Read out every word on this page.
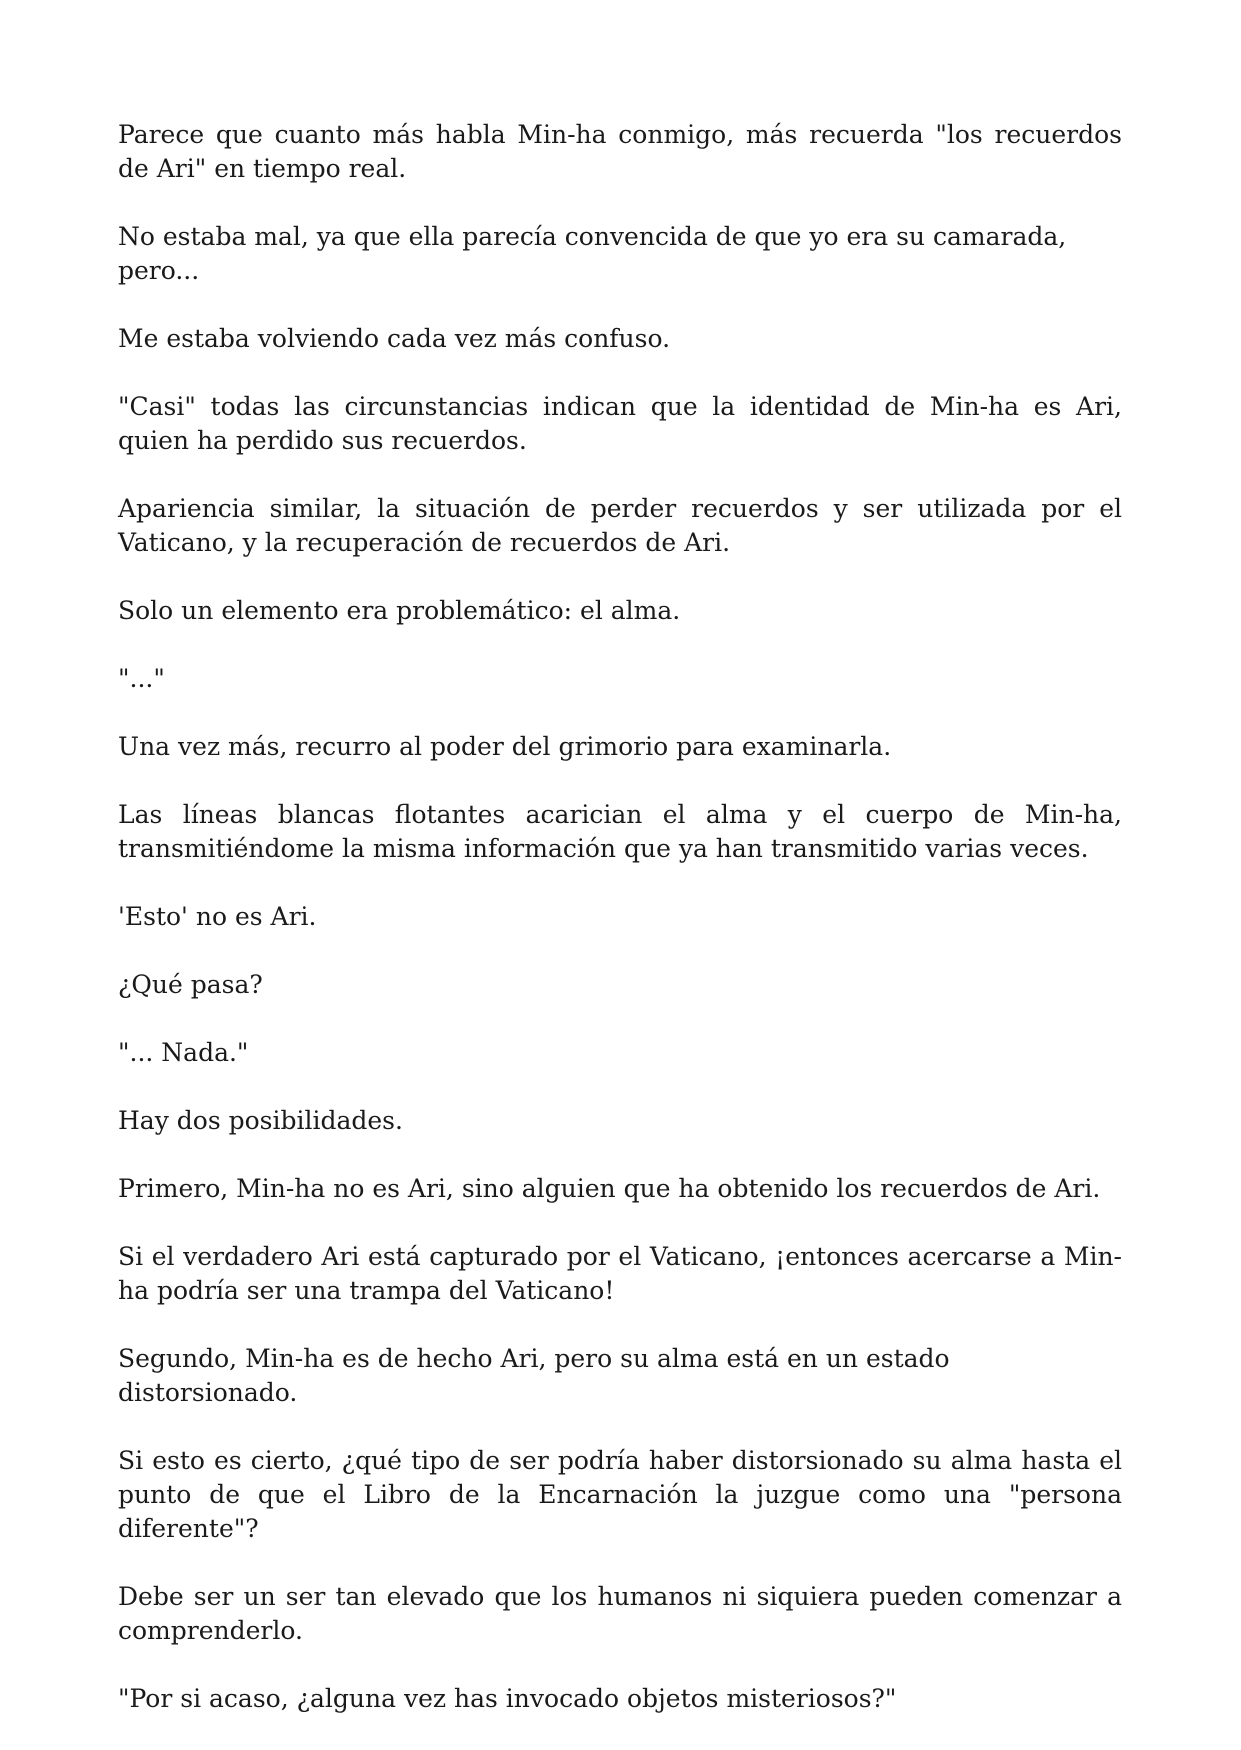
Parece que cuanto más habla Min-ha conmigo, más recuerda "los recuerdos de Ari" en tiempo real.

No estaba mal, ya que ella parecía convencida de que yo era su camarada, pero...

Me estaba volviendo cada vez más confuso.

"Casi" todas las circunstancias indican que la identidad de Min-ha es Ari, quien ha perdido sus recuerdos.

Apariencia similar, la situación de perder recuerdos y ser utilizada por el Vaticano, y la recuperación de recuerdos de Ari.

Solo un elemento era problemático: el alma.

"..."

Una vez más, recurro al poder del grimorio para examinarla.

Las líneas blancas flotantes acarician el alma y el cuerpo de Min-ha, transmitiéndome la misma información que ya han transmitido varias veces.

'Esto' no es Ari.

¿Qué pasa?

"... Nada."

Hay dos posibilidades.

Primero, Min-ha no es Ari, sino alguien que ha obtenido los recuerdos de Ari.

Si el verdadero Ari está capturado por el Vaticano, ¡entonces acercarse a Min-ha podría ser una trampa del Vaticano!

Segundo, Min-ha es de hecho Ari, pero su alma está en un estado distorsionado.

Si esto es cierto, ¿qué tipo de ser podría haber distorsionado su alma hasta el punto de que el Libro de la Encarnación la juzgue como una "persona diferente"?

Debe ser un ser tan elevado que los humanos ni siquiera pueden comenzar a comprenderlo.

"Por si acaso, ¿alguna vez has invocado objetos misteriosos?"
